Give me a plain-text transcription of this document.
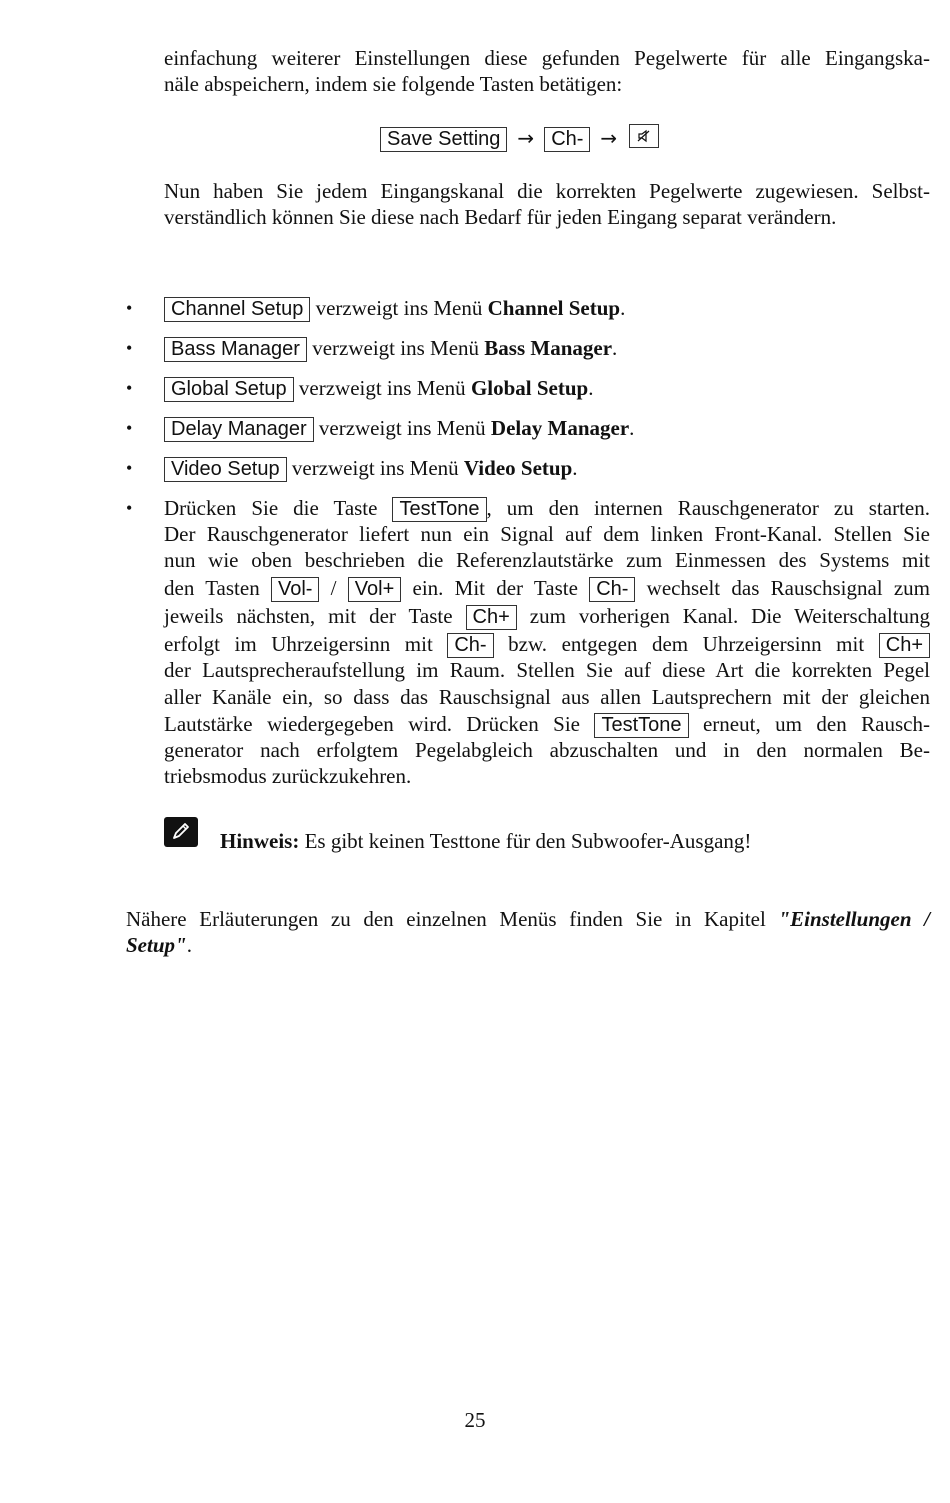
einfachung weiterer Einstellungen diese gefunden Pegelwerte für alle Eingangska-

näle abspeichern, indem sie folgende Tasten betätigen:

Save Setting → Ch- →

Nun haben Sie jedem Eingangskanal die korrekten Pegelwerte zugewiesen. Selbst-

verständlich können Sie diese nach Bedarf für jeden Eingang separat verändern.

•	Channel Setup verzweigt ins Menü Channel Setup.
•	Bass Manager verzweigt ins Menü Bass Manager.
•	Global Setup verzweigt ins Menü Global Setup.
•	Delay Manager verzweigt ins Menü Delay Manager.
•	Video Setup verzweigt ins Menü Video Setup.
• Drücken Sie die Taste TestTone , um den internen Rauschgenerator zu starten.

Der Rauschgenerator liefert nun ein Signal auf dem linken Front-Kanal. Stellen Sie

nun wie oben beschrieben die Referenzlautstärke zum Einmessen des Systems mit

den Tasten Vol- / Vol+ ein. Mit der Taste Ch- wechselt das Rauschsignal zum

jeweils nächsten, mit der Taste Ch+ zum vorherigen Kanal. Die Weiterschaltung

erfolgt im Uhrzeigersinn mit Ch- bzw. entgegen dem Uhrzeigersinn mit Ch+

der Lautsprecheraufstellung im Raum. Stellen Sie auf diese Art die korrekten Pegel

aller Kanäle ein, so dass das Rauschsignal aus allen Lautsprechern mit der gleichen

Lautstärke wiedergegeben wird. Drücken Sie TestTone erneut, um den Rausch-

generator nach erfolgtem Pegelabgleich abzuschalten und in den normalen Be-

triebsmodus zurückzukehren.

Hinweis: Es gibt keinen Testtone für den Subwoofer-Ausgang!

Nähere Erläuterungen zu den einzelnen Menüs finden Sie in Kapitel "Einstellungen /

Setup".

25
